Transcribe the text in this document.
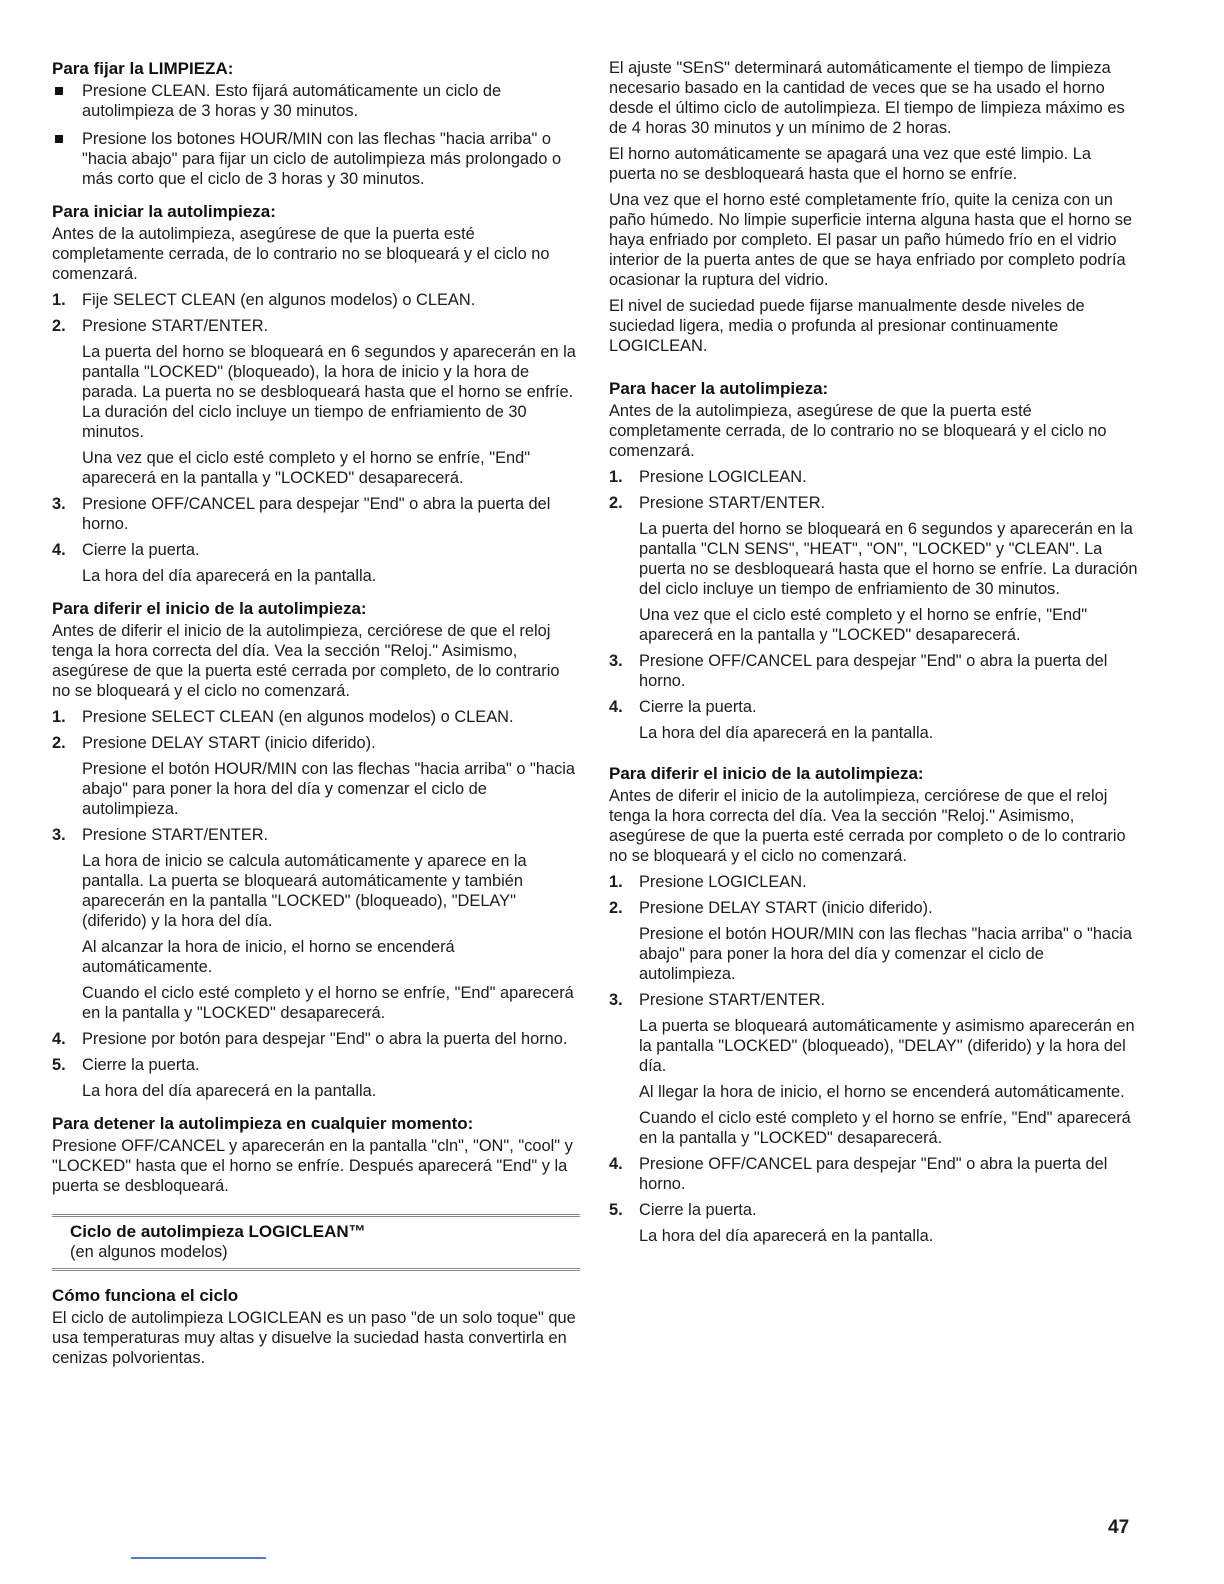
Para fijar la LIMPIEZA:
Presione CLEAN. Esto fijará automáticamente un ciclo de autolimpieza de 3 horas y 30 minutos.
Presione los botones HOUR/MIN con las flechas "hacia arriba" o "hacia abajo" para fijar un ciclo de autolimpieza más prolongado o más corto que el ciclo de 3 horas y 30 minutos.
Para iniciar la autolimpieza:

Antes de la autolimpieza, asegúrese de que la puerta esté completamente cerrada, de lo contrario no se bloqueará y el ciclo no comenzará.

1. Fije SELECT CLEAN (en algunos modelos) o CLEAN.
2. Presione START/ENTER.
La puerta del horno se bloqueará en 6 segundos y aparecerán en la pantalla "LOCKED" (bloqueado), la hora de inicio y la hora de parada. La puerta no se desbloqueará hasta que el horno se enfríe. La duración del ciclo incluye un tiempo de enfriamiento de 30 minutos.
Una vez que el ciclo esté completo y el horno se enfríe, "End" aparecerá en la pantalla y "LOCKED" desaparecerá.
3. Presione OFF/CANCEL para despejar "End" o abra la puerta del horno.
4. Cierre la puerta.
La hora del día aparecerá en la pantalla.
Para diferir el inicio de la autolimpieza:

Antes de diferir el inicio de la autolimpieza, cerciórese de que el reloj tenga la hora correcta del día. Vea la sección "Reloj." Asimismo, asegúrese de que la puerta esté cerrada por completo, de lo contrario no se bloqueará y el ciclo no comenzará.

1. Presione SELECT CLEAN (en algunos modelos) o CLEAN.
2. Presione DELAY START (inicio diferido).
Presione el botón HOUR/MIN con las flechas "hacia arriba" o "hacia abajo" para poner la hora del día y comenzar el ciclo de autolimpieza.
3. Presione START/ENTER.
La hora de inicio se calcula automáticamente y aparece en la pantalla. La puerta se bloqueará automáticamente y también aparecerán en la pantalla "LOCKED" (bloqueado), "DELAY" (diferido) y la hora del día.
Al alcanzar la hora de inicio, el horno se encenderá automáticamente.
Cuando el ciclo esté completo y el horno se enfríe, "End" aparecerá en la pantalla y "LOCKED" desaparecerá.
4. Presione por botón para despejar "End" o abra la puerta del horno.
5. Cierre la puerta.
La hora del día aparecerá en la pantalla.
Para detener la autolimpieza en cualquier momento:

Presione OFF/CANCEL y aparecerán en la pantalla "cln", "ON", "cool" y "LOCKED" hasta que el horno se enfríe. Después aparecerá "End" y la puerta se desbloqueará.

Ciclo de autolimpieza LOGICLEAN™
(en algunos modelos)
Cómo funciona el ciclo

El ciclo de autolimpieza LOGICLEAN es un paso "de un solo toque" que usa temperaturas muy altas y disuelve la suciedad hasta convertirla en cenizas polvorientas.

El ajuste "SEnS" determinará automáticamente el tiempo de limpieza necesario basado en la cantidad de veces que se ha usado el horno desde el último ciclo de autolimpieza. El tiempo de limpieza máximo es de 4 horas 30 minutos y un mínimo de 2 horas.

El horno automáticamente se apagará una vez que esté limpio. La puerta no se desbloqueará hasta que el horno se enfríe.

Una vez que el horno esté completamente frío, quite la ceniza con un paño húmedo. No limpie superficie interna alguna hasta que el horno se haya enfriado por completo. El pasar un paño húmedo frío en el vidrio interior de la puerta antes de que se haya enfriado por completo podría ocasionar la ruptura del vidrio.

El nivel de suciedad puede fijarse manualmente desde niveles de suciedad ligera, media o profunda al presionar continuamente LOGICLEAN.

Para hacer la autolimpieza:

Antes de la autolimpieza, asegúrese de que la puerta esté completamente cerrada, de lo contrario no se bloqueará y el ciclo no comenzará.

1. Presione LOGICLEAN.
2. Presione START/ENTER.
La puerta del horno se bloqueará en 6 segundos y aparecerán en la pantalla "CLN SENS", "HEAT", "ON", "LOCKED" y "CLEAN". La puerta no se desbloqueará hasta que el horno se enfríe. La duración del ciclo incluye un tiempo de enfriamiento de 30 minutos.
Una vez que el ciclo esté completo y el horno se enfríe, "End" aparecerá en la pantalla y "LOCKED" desaparecerá.
3. Presione OFF/CANCEL para despejar "End" o abra la puerta del horno.
4. Cierre la puerta.
La hora del día aparecerá en la pantalla.
Para diferir el inicio de la autolimpieza:

Antes de diferir el inicio de la autolimpieza, cerciórese de que el reloj tenga la hora correcta del día. Vea la sección "Reloj." Asimismo, asegúrese de que la puerta esté cerrada por completo o de lo contrario no se bloqueará y el ciclo no comenzará.

1. Presione LOGICLEAN.
2. Presione DELAY START (inicio diferido).
Presione el botón HOUR/MIN con las flechas "hacia arriba" o "hacia abajo" para poner la hora del día y comenzar el ciclo de autolimpieza.
3. Presione START/ENTER.
La puerta se bloqueará automáticamente y asimismo aparecerán en la pantalla "LOCKED" (bloqueado), "DELAY" (diferido) y la hora del día.
Al llegar la hora de inicio, el horno se encenderá automáticamente.
Cuando el ciclo esté completo y el horno se enfríe, "End" aparecerá en la pantalla y "LOCKED" desaparecerá.
4. Presione OFF/CANCEL para despejar "End" o abra la puerta del horno.
5. Cierre la puerta.
La hora del día aparecerá en la pantalla.
47
